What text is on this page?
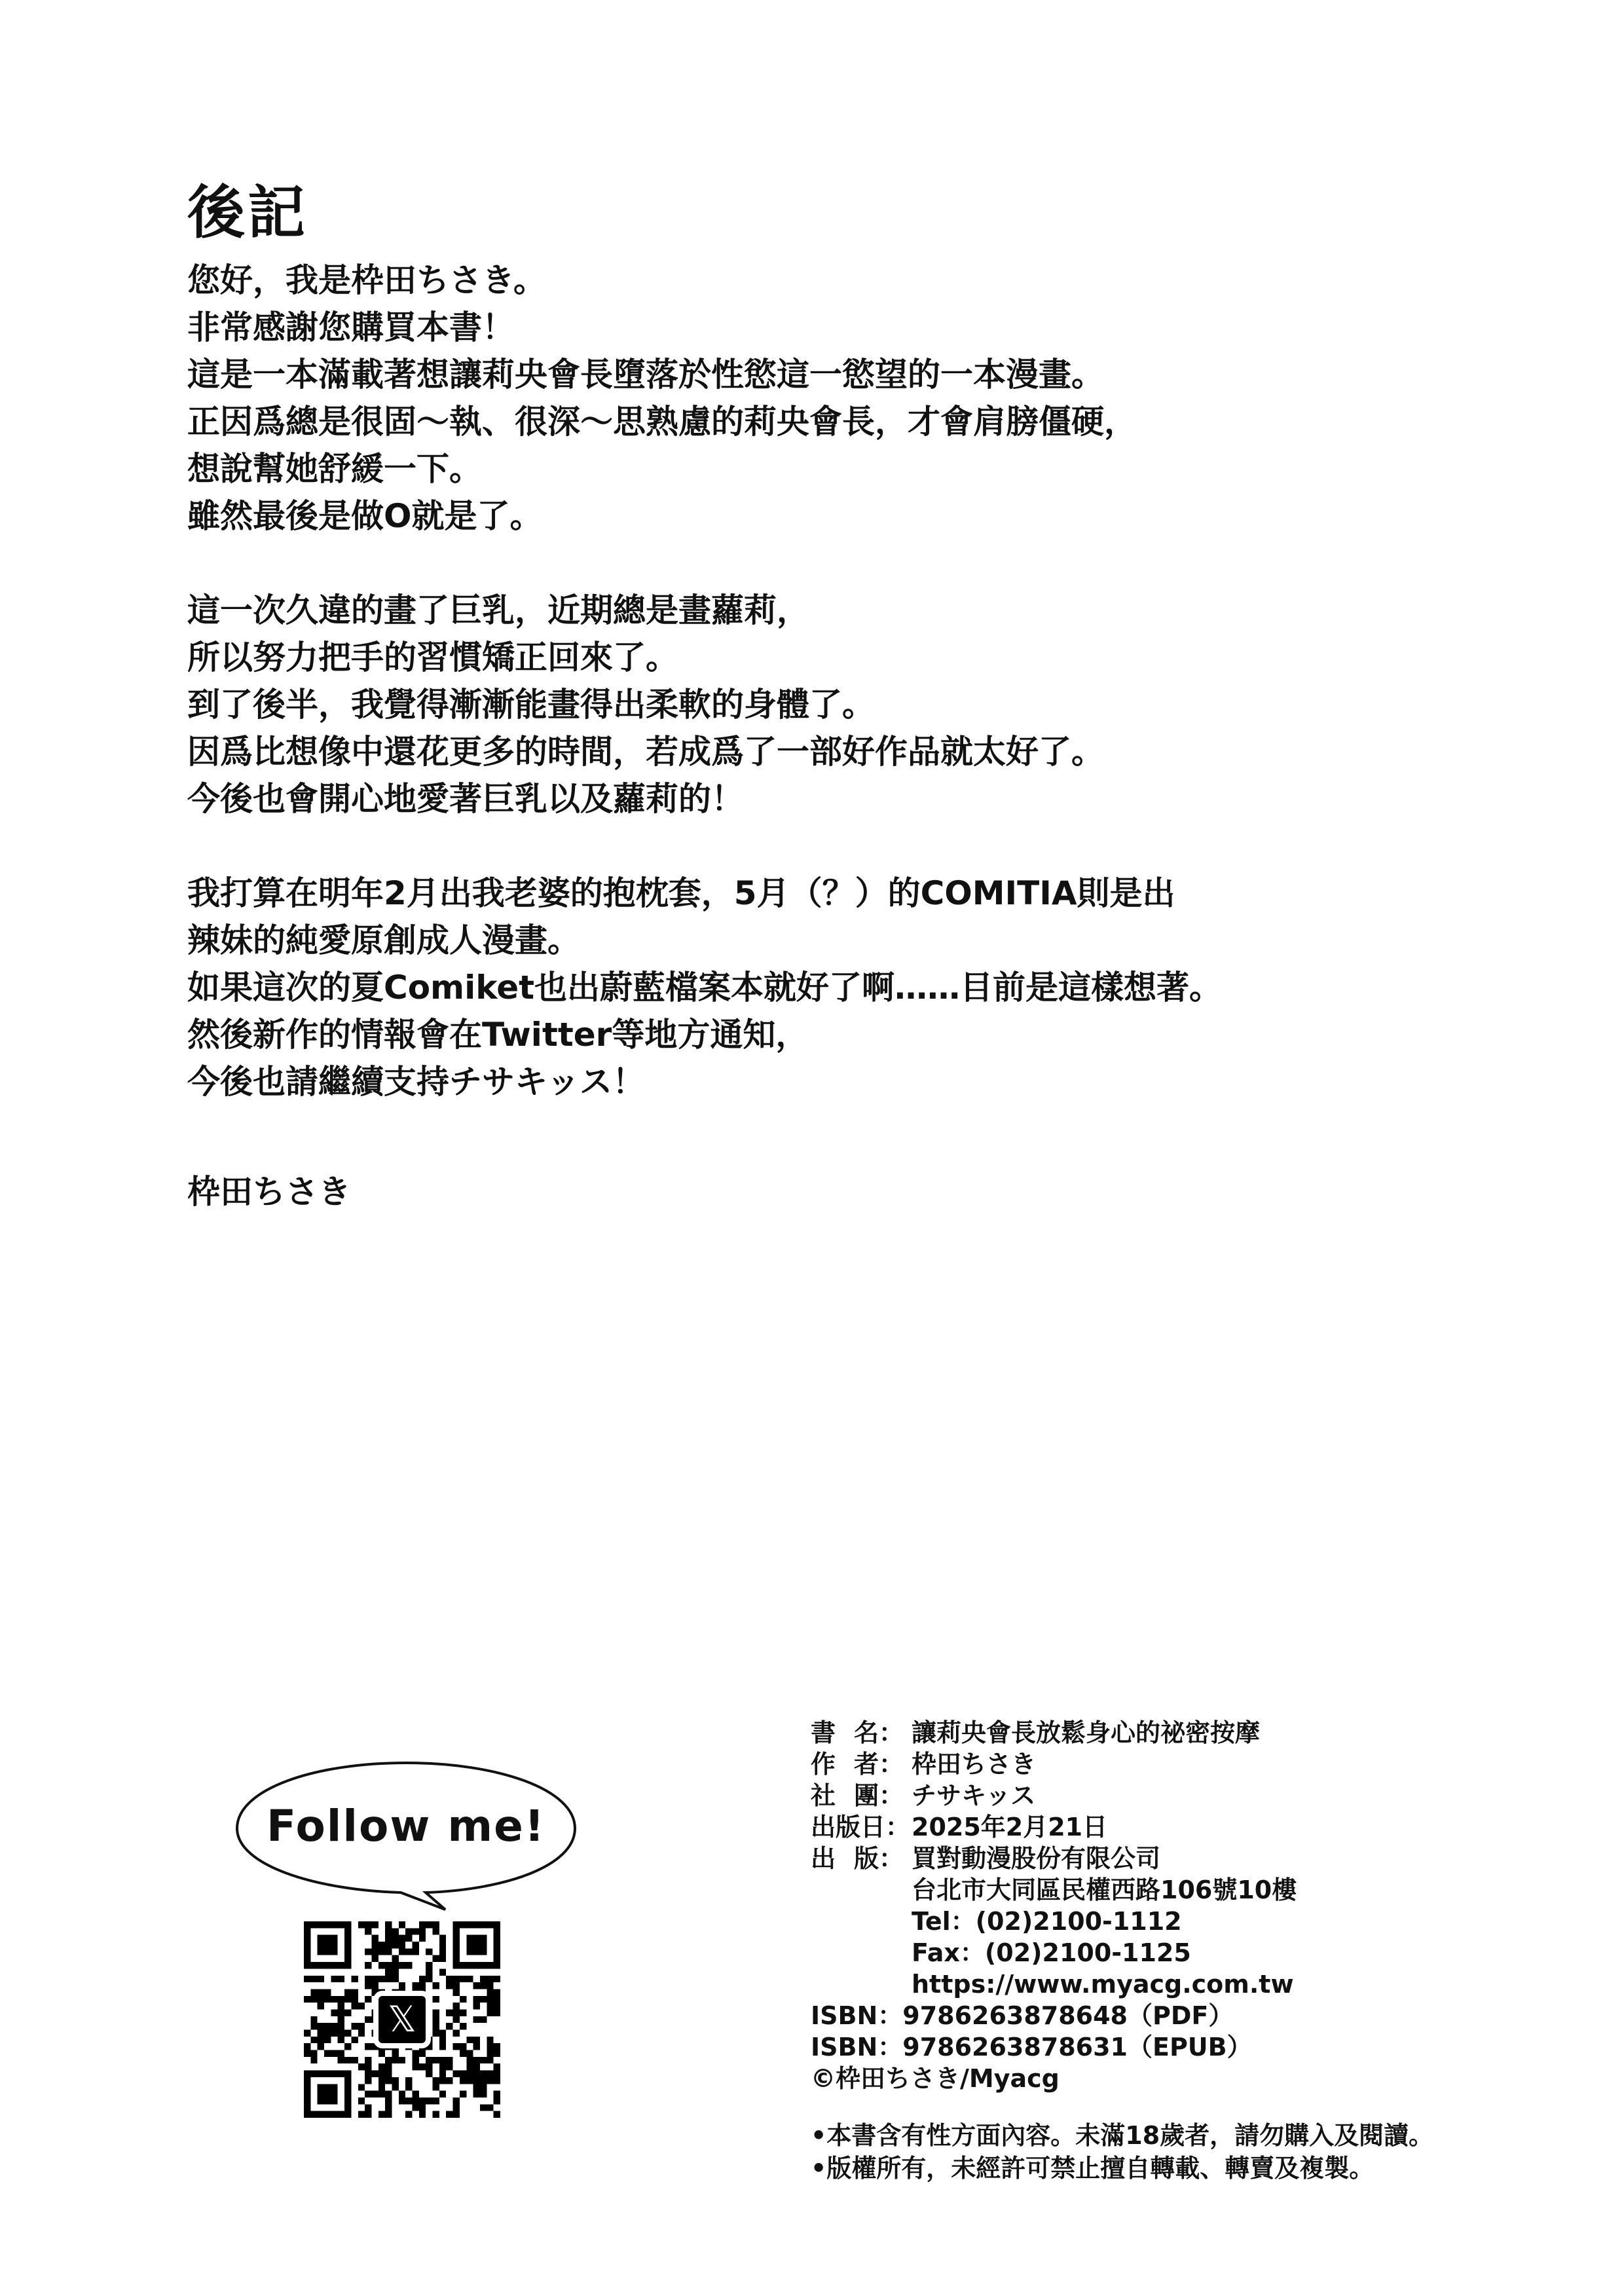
後記
您好，我是枠田ちさき。
非常感謝您購買本書！
這是一本滿載著想讓莉央會長墮落於性慾這一慾望的一本漫畫。
正因爲總是很固～執、很深～思熟慮的莉央會長，才會肩膀僵硬，
想說幫她舒緩一下。
雖然最後是做O就是了。
這一次久違的畫了巨乳，近期總是畫蘿莉，
所以努力把手的習慣矯正回來了。
到了後半，我覺得漸漸能畫得出柔軟的身體了。
因爲比想像中還花更多的時間，若成爲了一部好作品就太好了。
今後也會開心地愛著巨乳以及蘿莉的！
我打算在明年2月出我老婆的抱枕套，5月（？）的COMITIA則是出
辣妹的純愛原創成人漫畫。
如果這次的夏Comiket也出蔚藍檔案本就好了啊……目前是這樣想著。
然後新作的情報會在Twitter等地方通知，
今後也請繼續支持チサキッス！
枠田ちさき
Follow me!
𝕏
書 名： 讓莉央會長放鬆身心的祕密按摩
作 者： 枠田ちさき
社 團： チサキッス
出版日： 2025年2月21日
出 版： 買對動漫股份有限公司
台北市大同區民權西路106號10樓
Tel：(02)2100-1112
Fax：(02)2100-1125
https://www.myacg.com.tw
ISBN：9786263878648（PDF）
ISBN：9786263878631（EPUB）
©枠田ちさき/Myacg
•本書含有性方面內容。未滿18歲者，請勿購入及閱讀。
•版權所有，未經許可禁止擅自轉載、轉賣及複製。
